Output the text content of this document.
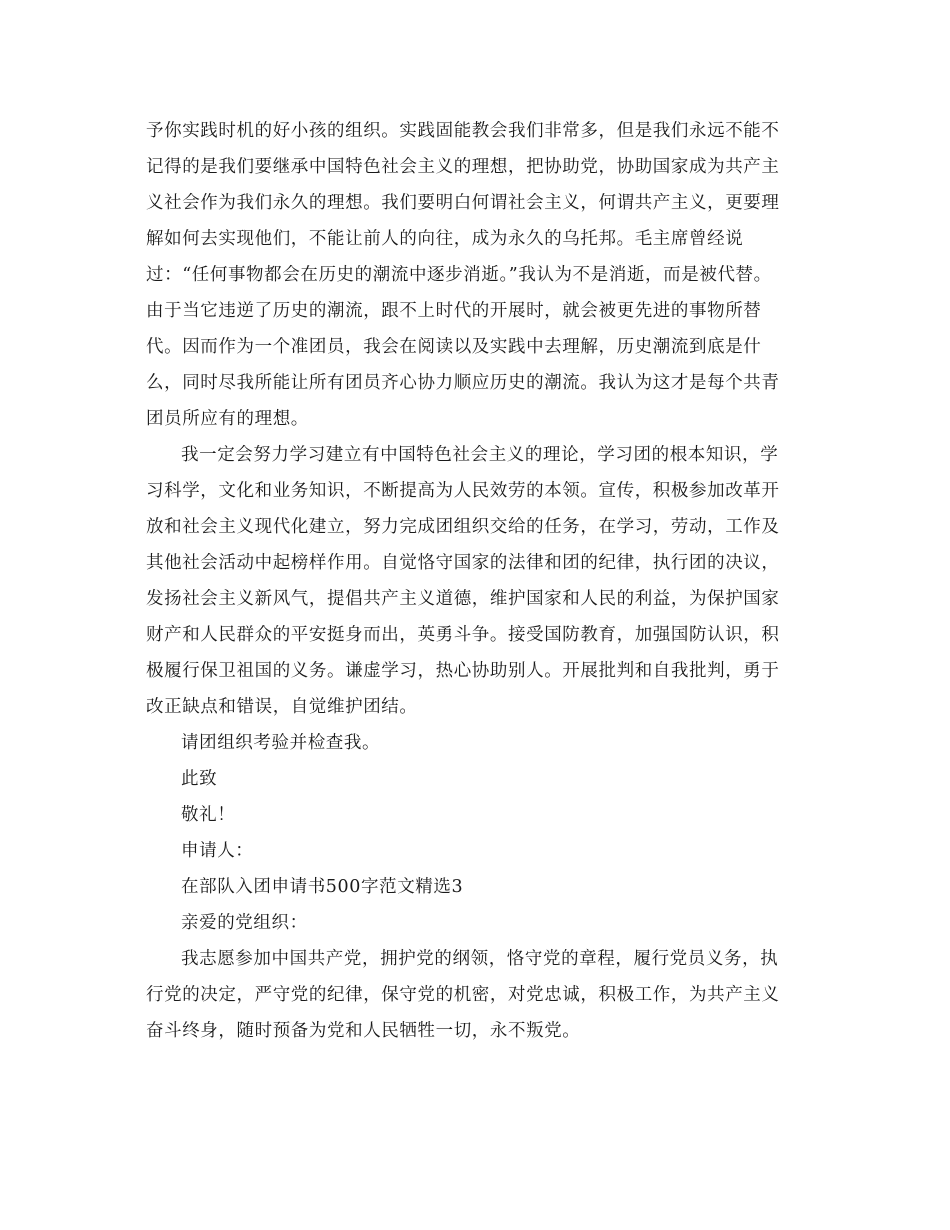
予你实践时机的好小孩的组织。实践固能教会我们非常多，但是我们永远不能不
记得的是我们要继承中国特色社会主义的理想，把协助党，协助国家成为共产主
义社会作为我们永久的理想。我们要明白何谓社会主义，何谓共产主义，更要理
解如何去实现他们，不能让前人的向往，成为永久的乌托邦。毛主席曾经说
过：“任何事物都会在历史的潮流中逐步消逝。”我认为不是消逝，而是被代替。
由于当它违逆了历史的潮流，跟不上时代的开展时，就会被更先进的事物所替
代。因而作为一个准团员，我会在阅读以及实践中去理解，历史潮流到底是什
么，同时尽我所能让所有团员齐心协力顺应历史的潮流。我认为这才是每个共青
团员所应有的理想。
我一定会努力学习建立有中国特色社会主义的理论，学习团的根本知识，学
习科学，文化和业务知识，不断提高为人民效劳的本领。宣传，积极参加改革开
放和社会主义现代化建立，努力完成团组织交给的任务，在学习，劳动，工作及
其他社会活动中起榜样作用。自觉恪守国家的法律和团的纪律，执行团的决议，
发扬社会主义新风气，提倡共产主义道德，维护国家和人民的利益，为保护国家
财产和人民群众的平安挺身而出，英勇斗争。接受国防教育，加强国防认识，积
极履行保卫祖国的义务。谦虚学习，热心协助别人。开展批判和自我批判，勇于
改正缺点和错误，自觉维护团结。
请团组织考验并检查我。
此致
敬礼！
申请人：
在部队入团申请书500字范文精选3
亲爱的党组织：
我志愿参加中国共产党，拥护党的纲领，恪守党的章程，履行党员义务，执
行党的决定，严守党的纪律，保守党的机密，对党忠诚，积极工作，为共产主义
奋斗终身，随时预备为党和人民牺牲一切，永不叛党。
